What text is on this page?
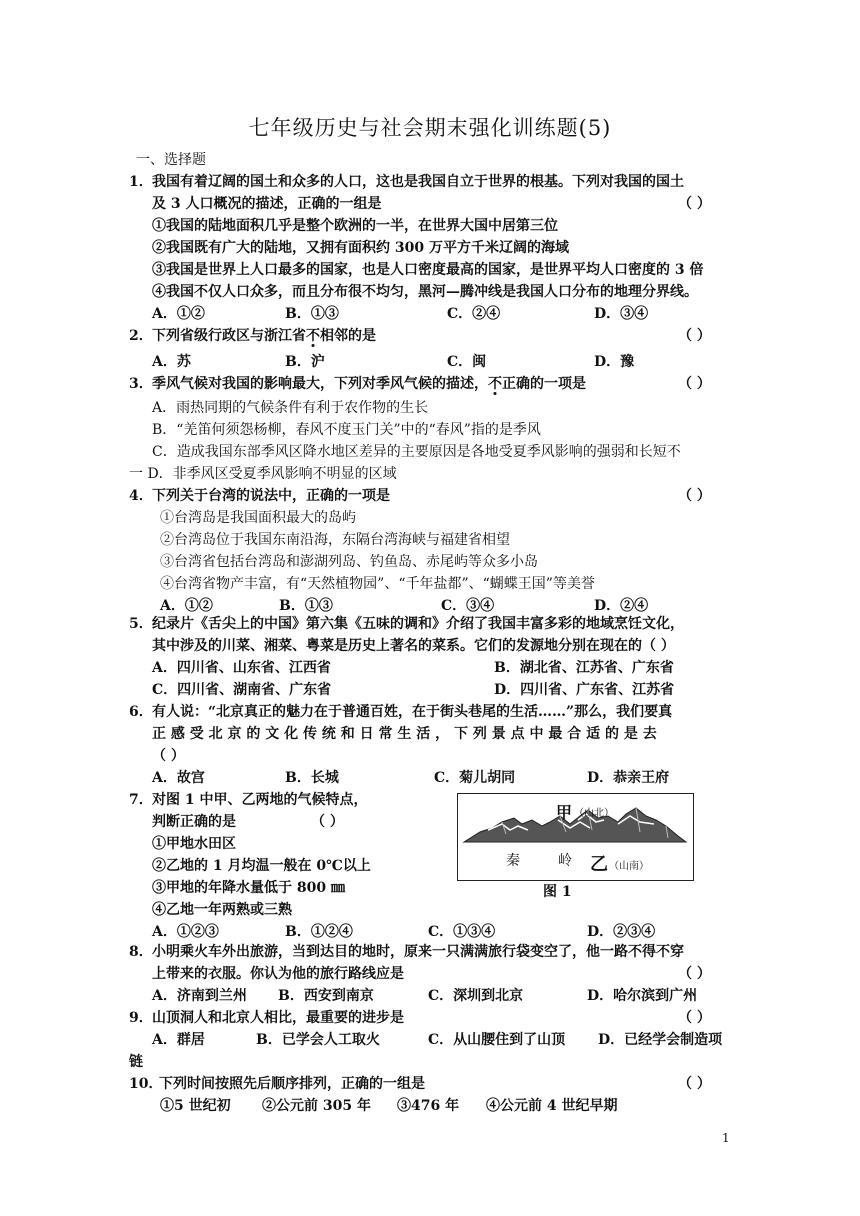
七年级历史与社会期末强化训练题(5)
一、选择题
1． 我国有着辽阔的国土和众多的人口，这也是我国自立于世界的根基。下列对我国的国土
及 3 人口概况的描述，正确的一组是	（ ）
①我国的陆地面积几乎是整个欧洲的一半，在世界大国中居第三位
②我国既有广大的陆地，又拥有面积约 300 万平方千米辽阔的海域
③我国是世界上人口最多的国家，也是人口密度最高的国家，是世界平均人口密度的 3 倍
④我国不仅人口众多，而且分布很不均匀，黑河—腾冲线是我国人口分布的地理分界线。
A．①②	B．①③	C．②④	D．③④
2． 下列省级行政区与浙江省不相邻的是	（ ）
A．苏	B．沪	C．闽	D．豫
3． 季风气候对我国的影响最大，下列对季风气候的描述，不正确的一项是	（ ）
A．雨热同期的气候条件有利于农作物的生长
B．“羌笛何须怨杨柳，春风不度玉门关”中的“春风”指的是季风
C．造成我国东部季风区降水地区差异的主要原因是各地受夏季风影响的强弱和长短不
一 D．非季风区受夏季风影响不明显的区域
4． 下列关于台湾的说法中，正确的一项是	（ ）
①台湾岛是我国面积最大的岛屿
②台湾岛位于我国东南沿海，东隔台湾海峡与福建省相望
③台湾省包括台湾岛和澎湖列岛、钓鱼岛、赤尾屿等众多小岛
④台湾省物产丰富，有“天然植物园”、“千年盐都”、“蝴蝶王国”等美誉
A．①②	B．①③	C．③④	D．②④
5． 纪录片《舌尖上的中国》第六集《五味的调和》介绍了我国丰富多彩的地域烹饪文化，
其中涉及的川菜、湘菜、粤菜是历史上著名的菜系。它们的发源地分别在现在的（ ）
A．四川省、山东省、江西省	B．湖北省、江苏省、广东省
C．四川省、湖南省、广东省	D．四川省、广东省、江苏省
6． 有人说：“北京真正的魅力在于普通百姓，在于街头巷尾的生活……”那么，我们要真
正 感 受 北 京 的 文 化 传 统 和 日 常 生 活 ， 下 列 景 点 中 最 合 适 的 是 去
（ ）
A．故宫	B．长城	C．菊儿胡同	D．恭亲王府
7． 对图 1 中甲、乙两地的气候特点，
判断正确的是	（ ）
①甲地水田区
②乙地的 1 月均温一般在 0℃以上
③甲地的年降水量低于 800 ㎜
④乙地一年两熟或三熟
A．①②③	B．①②④	C．①③④	D．②③④
甲 （山北）
秦	岭 乙 （山南）
图 1
8． 小明乘火车外出旅游，当到达目的地时，原来一只满满旅行袋变空了，他一路不得不穿
上带来的衣服。你认为他的旅行路线应是	（ ）
A．济南到兰州 B．西安到南京	C．深圳到北京	D．哈尔滨到广州
9． 山顶洞人和北京人相比，最重要的进步是	（ ）
A．群居	B．已学会人工取火	C．从山腰住到了山顶 D．已经学会制造项
链
10．
下列时间按照先后顺序排列，正确的一组是	（ ）
①5 世纪初 ②公元前 305 年 ③476 年 ④公元前 4 世纪早期
1
